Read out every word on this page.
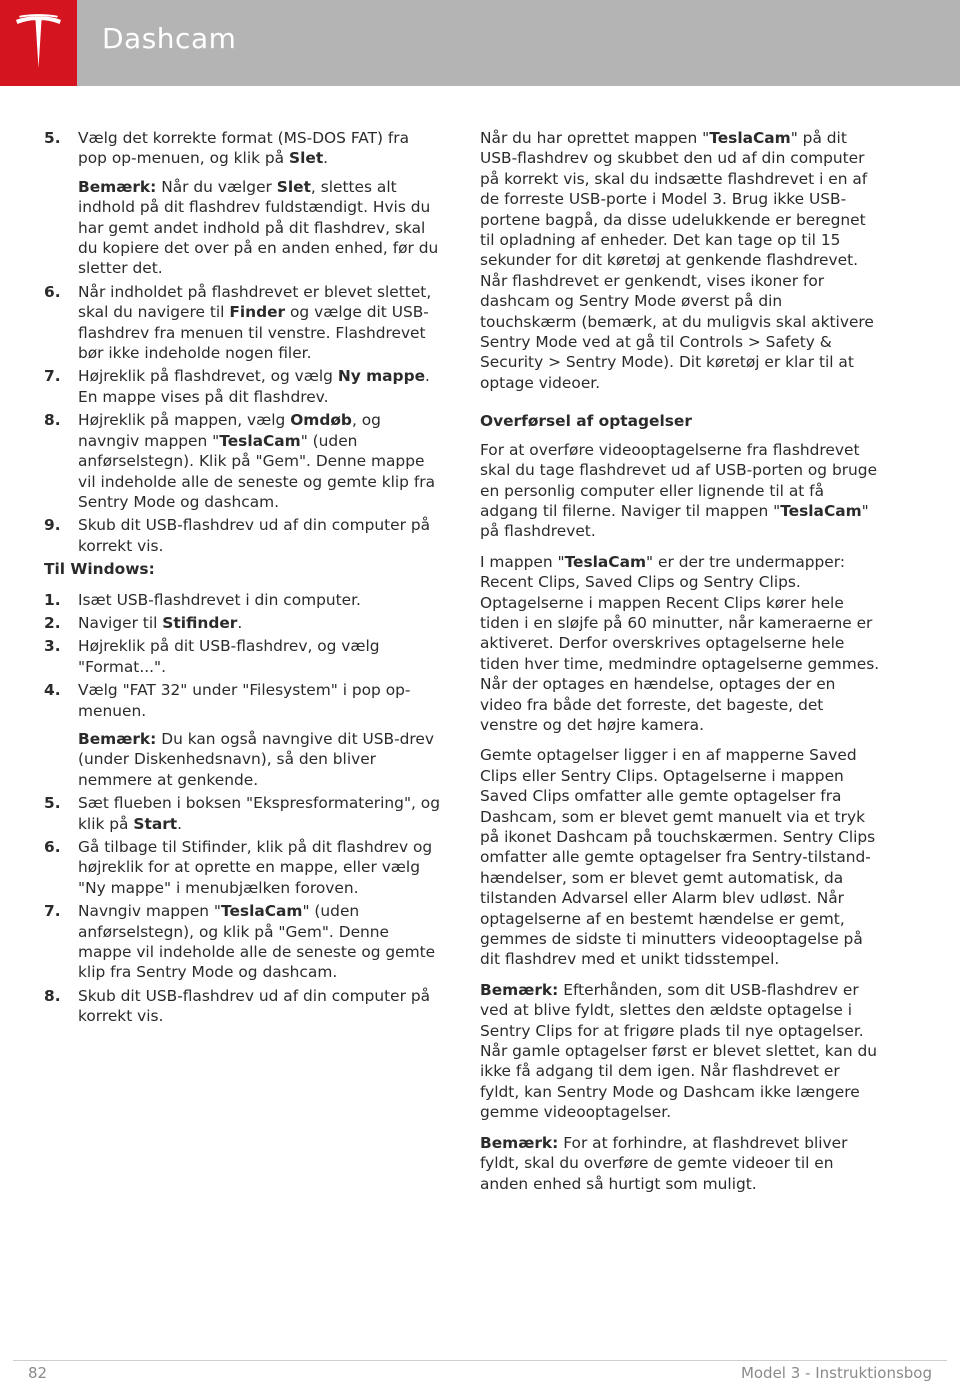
Dashcam
5. Vælg det korrekte format (MS-DOS FAT) fra pop op-menuen, og klik på Slet.
Bemærk: Når du vælger Slet, slettes alt indhold på dit flashdrev fuldstændigt. Hvis du har gemt andet indhold på dit flashdrev, skal du kopiere det over på en anden enhed, før du sletter det.
6. Når indholdet på flashdrevet er blevet slettet, skal du navigere til Finder og vælge dit USB-flashdrev fra menuen til venstre. Flashdrevet bør ikke indeholde nogen filer.
7. Højreklik på flashdrevet, og vælg Ny mappe. En mappe vises på dit flashdrev.
8. Højreklik på mappen, vælg Omdøb, og navngiv mappen "TeslaCam" (uden anførselstegn). Klik på "Gem". Denne mappe vil indeholde alle de seneste og gemte klip fra Sentry Mode og dashcam.
9. Skub dit USB-flashdrev ud af din computer på korrekt vis.

Til Windows:

1. Isæt USB-flashdrevet i din computer.
2. Naviger til Stifinder.
3. Højreklik på dit USB-flashdrev, og vælg "Format...".
4. Vælg "FAT 32" under "Filesystem" i pop op-menuen.
Bemærk: Du kan også navngive dit USB-drev (under Diskenhedsnavn), så den bliver nemmere at genkende.
5. Sæt flueben i boksen "Ekspresformatering", og klik på Start.
6. Gå tilbage til Stifinder, klik på dit flashdrev og højreklik for at oprette en mappe, eller vælg "Ny mappe" i menubjælken foroven.
7. Navngiv mappen "TeslaCam" (uden anførselstegn), og klik på "Gem". Denne mappe vil indeholde alle de seneste og gemte klip fra Sentry Mode og dashcam.
8. Skub dit USB-flashdrev ud af din computer på korrekt vis.

Når du har oprettet mappen "TeslaCam" på dit USB-flashdrev og skubbet den ud af din computer på korrekt vis, skal du indsætte flashdrevet i en af de forreste USB-porte i Model 3. Brug ikke USB-portene bagpå, da disse udelukkende er beregnet til opladning af enheder. Det kan tage op til 15 sekunder for dit køretøj at genkende flashdrevet. Når flashdrevet er genkendt, vises ikoner for dashcam og Sentry Mode øverst på din touchskærm (bemærk, at du muligvis skal aktivere Sentry Mode ved at gå til Controls > Safety & Security > Sentry Mode). Dit køretøj er klar til at optage videoer.

Overførsel af optagelser

For at overføre videooptagelserne fra flashdrevet skal du tage flashdrevet ud af USB-porten og bruge en personlig computer eller lignende til at få adgang til filerne. Naviger til mappen "TeslaCam" på flashdrevet.

I mappen "TeslaCam" er der tre undermapper: Recent Clips, Saved Clips og Sentry Clips. Optagelserne i mappen Recent Clips kører hele tiden i en sløjfe på 60 minutter, når kameraerne er aktiveret. Derfor overskrives optagelserne hele tiden hver time, medmindre optagelserne gemmes. Når der optages en hændelse, optages der en video fra både det forreste, det bageste, det venstre og det højre kamera.

Gemte optagelser ligger i en af mapperne Saved Clips eller Sentry Clips. Optagelserne i mappen Saved Clips omfatter alle gemte optagelser fra Dashcam, som er blevet gemt manuelt via et tryk på ikonet Dashcam på touchskærmen. Sentry Clips omfatter alle gemte optagelser fra Sentry-tilstand-hændelser, som er blevet gemt automatisk, da tilstanden Advarsel eller Alarm blev udløst. Når optagelserne af en bestemt hændelse er gemt, gemmes de sidste ti minutters videooptagelse på dit flashdrev med et unikt tidsstempel.

Bemærk: Efterhånden, som dit USB-flashdrev er ved at blive fyldt, slettes den ældste optagelse i Sentry Clips for at frigøre plads til nye optagelser. Når gamle optagelser først er blevet slettet, kan du ikke få adgang til dem igen. Når flashdrevet er fyldt, kan Sentry Mode og Dashcam ikke længere gemme videooptagelser.

Bemærk: For at forhindre, at flashdrevet bliver fyldt, skal du overføre de gemte videoer til en anden enhed så hurtigt som muligt.

82	Model 3 - Instruktionsbog
